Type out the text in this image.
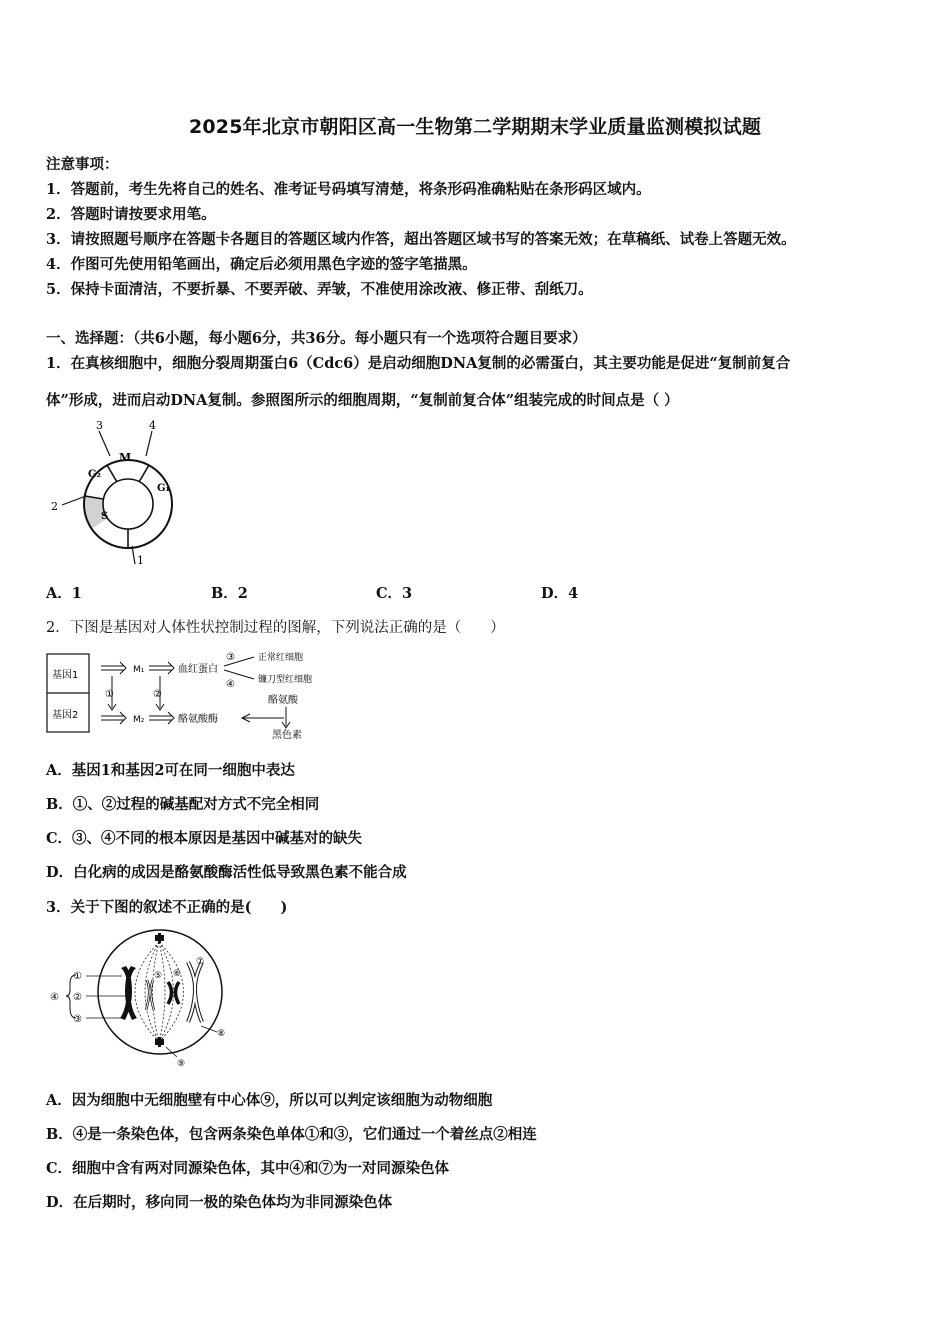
2025年北京市朝阳区高一生物第二学期期末学业质量监测模拟试题
注意事项：
1．答题前，考生先将自己的姓名、准考证号码填写清楚，将条形码准确粘贴在条形码区域内。
2．答题时请按要求用笔。
3．请按照题号顺序在答题卡各题目的答题区域内作答，超出答题区域书写的答案无效；在草稿纸、试卷上答题无效。
4．作图可先使用铅笔画出，确定后必须用黑色字迹的签字笔描黑。
5．保持卡面清洁，不要折暴、不要弄破、弄皱，不准使用涂改液、修正带、刮纸刀。
一、选择题：（共6小题，每小题6分，共36分。每小题只有一个选项符合题目要求）
1．在真核细胞中，细胞分裂周期蛋白6（Cdc6）是启动细胞DNA复制的必需蛋白，其主要功能是促进“复制前复合
体”形成，进而启动DNA复制。参照图所示的细胞周期，“复制前复合体”组装完成的时间点是（ ）
M
G₁
S
G₂
3	4
2
1
A．1	B．2	C．3	D．4
2．下图是基因对人体性状控制过程的图解，下列说法正确的是（　　）
基因1
基因2
M₁	血红蛋白
③
④
正常红细胞
镰刀型红细胞
①	②
M₂	酪氨酸酶
酪氨酸
黑色素
A．基因1和基因2可在同一细胞中表达
B．①、②过程的碱基配对方式不完全相同
C．③、④不同的根本原因是基因中碱基对的缺失
D．白化病的成因是酪氨酸酶活性低导致黑色素不能合成
3．关于下图的叙述不正确的是(　　)
④
①
②
③
⑤ ⑥
⑦
⑧
⑨
A．因为细胞中无细胞壁有中心体⑨，所以可以判定该细胞为动物细胞
B．④是一条染色体，包含两条染色单体①和③，它们通过一个着丝点②相连
C．细胞中含有两对同源染色体，其中④和⑦为一对同源染色体
D．在后期时，移向同一极的染色体均为非同源染色体
